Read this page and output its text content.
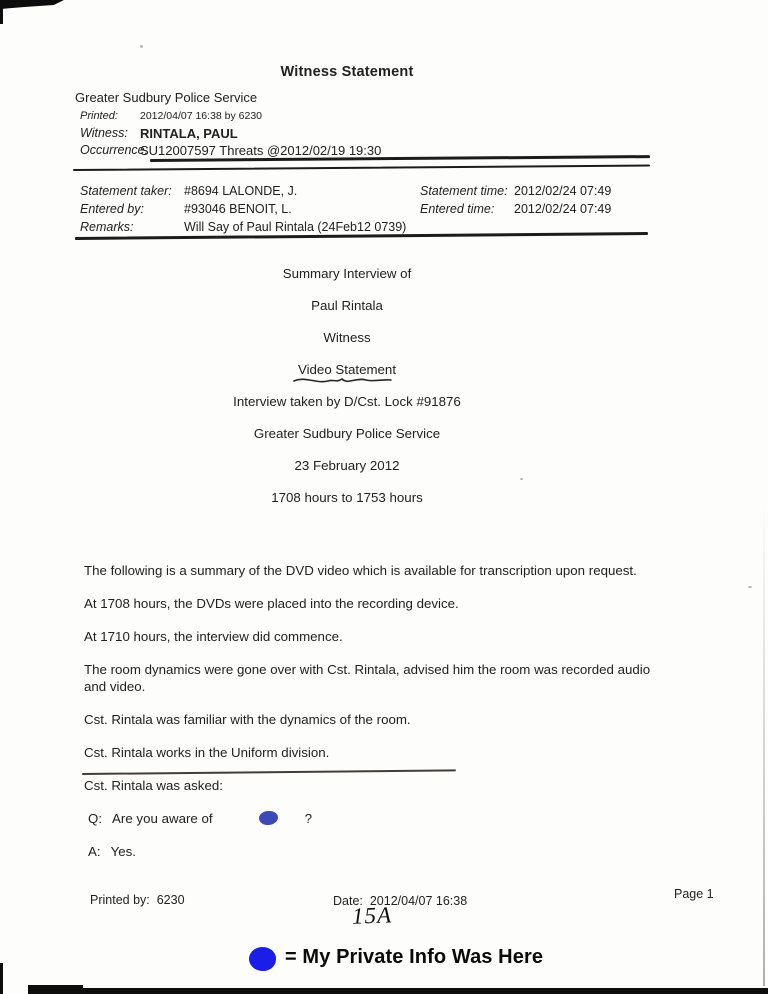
Witness Statement
Greater Sudbury Police Service
Printed: 2012/04/07 16:38 by 6230
Witness: RINTALA, PAUL
Occurrence:
SU12007597 Threats @2012/02/19 19:30
Statement taker: #8694 LALONDE, J.	Statement time: 2012/02/24 07:49
Entered by:	#93046 BENOIT, L.	Entered time: 2012/02/24 07:49
Remarks:	Will Say of Paul Rintala (24Feb12 0739)
Summary Interview of
Paul Rintala
Witness
Video Statement
Interview taken by D/Cst. Lock #91876
Greater Sudbury Police Service
23 February 2012
1708 hours to 1753 hours

The following is a summary of the DVD video which is available for transcription upon request.

At 1708 hours, the DVDs were placed into the recording device.

At 1710 hours, the interview did commence.

The room dynamics were gone over with Cst. Rintala, advised him the room was recorded audio and video.

Cst. Rintala was familiar with the dynamics of the room.

Cst. Rintala works in the Uniform division.

Cst. Rintala was asked:

Q: Are you aware of	?

A: Yes.

Printed by: 6230	Date: 2012/04/07 16:38	Page 1
15A
= My Private Info Was Here
